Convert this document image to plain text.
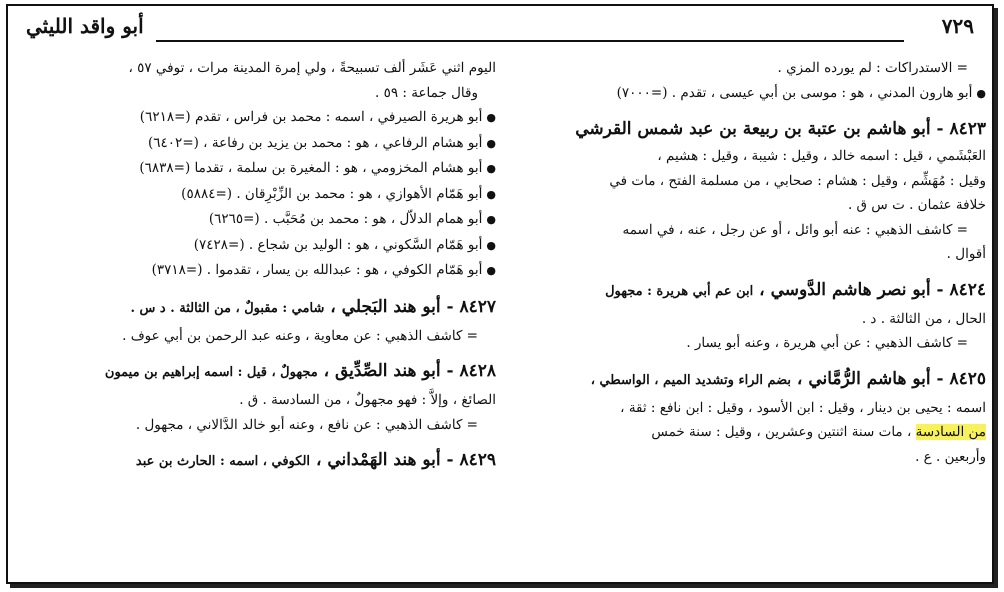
أبو واقد الليثي	٧٢٩
= الاستدراكات : لم يورده المزي .
●أبو هارون المدني ، هو : موسى بن أبي عيسى ، تقدم . (=٧٠٠٠)
٨٤٢٣ - أبو هاشم بن عتبة بن ربيعة بن عبد شمس القرشي
العَبْشَمي ، قيل : اسمه خالد ، وقيل : شيبة ، وقيل : هشيم ،
وقيل : مُهَشِّم ، وقيل : هشام : صحابي ، من مسلمة الفتح ، مات في
خلافة عثمان . ت س ق .
= كاشف الذهبي : عنه أبو وائل ، أو عن رجل ، عنه ، في اسمه
أقوال .
٨٤٢٤ - أبو نصر هاشم الدَّوسي ، ابن عم أبي هريرة : مجهول
الحال ، من الثالثة . د .
= كاشف الذهبي : عن أبي هريرة ، وعنه أبو يسار .
٨٤٢٥ - أبو هاشم الرُّمَّاني ، بضم الراء وتشديد الميم ، الواسطي ،
اسمه : يحيى بن دينار ، وقيل : ابن الأسود ، وقيل : ابن نافع : ثقة ،
من السادسة ، مات سنة اثنتين وعشرين ، وقيل : سنة خمس
وأربعين . ع .
اليوم اثني عَشَر ألف تسبيحةً ، ولي إمرة المدينة مرات ، توفي ٥٧ ،
وقال جماعة : ٥٩ .
●أبو هريرة الصيرفي ، اسمه : محمد بن فراس ، تقدم (=٦٢١٨)
●أبو هشام الرفاعي ، هو : محمد بن يزيد بن رفاعة ، (=٦٤٠٢)
●أبو هشام المخزومي ، هو : المغيرة بن سلمة ، تقدما (=٦٨٣٨)
●أبو هَمّام الأهوازي ، هو : محمد بن الزِّبْرِقان . (=٥٨٨٤)
●أبو همام الدلاّل ، هو : محمد بن مُحَبَّب . (=٦٢٦٥)
●أبو هَمّام السَّكوني ، هو : الوليد بن شجاع . (=٧٤٢٨)
●أبو هَمّام الكوفي ، هو : عبدالله بن يسار ، تقدموا . (=٣٧١٨)
٨٤٢٧ - أبو هند البَجلي ، شامي : مقبولٌ ، من الثالثة . د س .
= كاشف الذهبي : عن معاوية ، وعنه عبد الرحمن بن أبي عوف .
٨٤٢٨ - أبو هند الصِّدِّيق ، مجهولٌ ، قيل : اسمه إبراهيم بن ميمون
الصائغ ، وإلاَّ : فهو مجهولٌ ، من السادسة . ق .
= كاشف الذهبي : عن نافع ، وعنه أبو خالد الدَّالاني ، مجهول .
٨٤٢٩ - أبو هند الهَمْداني ، الكوفي ، اسمه : الحارث بن عبد
